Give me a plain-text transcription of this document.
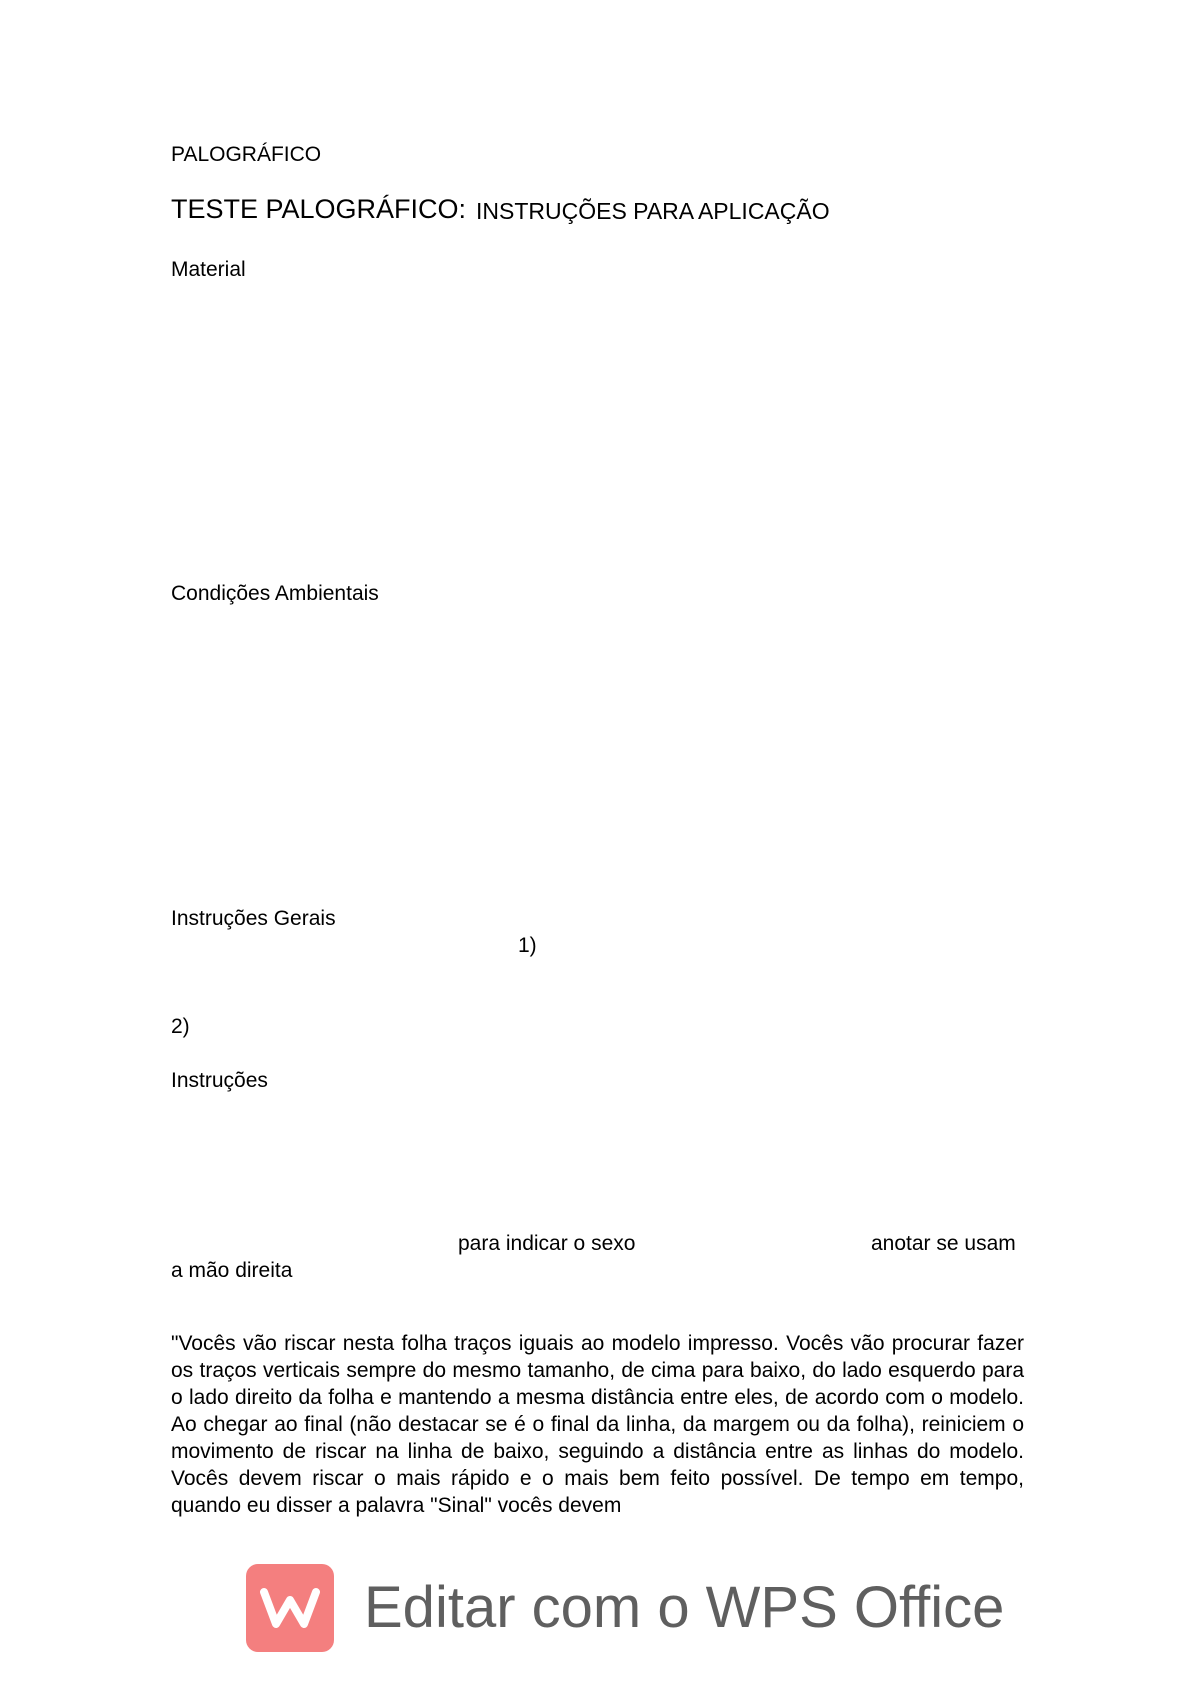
PALOGRÁFICO
TESTE PALOGRÁFICO: INSTRUÇÕES PARA APLICAÇÃO
Material
Condições Ambientais
Instruções Gerais
1)
2)
Instruções
para indicar o sexo	anotar se usam
a mão direita
"Vocês vão riscar nesta folha traços iguais ao modelo impresso. Vocês vão procurar fazer os traços verticais sempre do mesmo tamanho, de cima para baixo, do lado esquerdo para o lado direito da folha e mantendo a mesma distância entre eles, de acordo com o modelo. Ao chegar ao final (não destacar se é o final da linha, da margem ou da folha), reiniciem o movimento de riscar na linha de baixo, seguindo a distância entre as linhas do modelo. Vocês devem riscar o mais rápido e o mais bem feito possível. De tempo em tempo, quando eu disser a palavra "Sinal" vocês devem
Editar com o WPS Office
